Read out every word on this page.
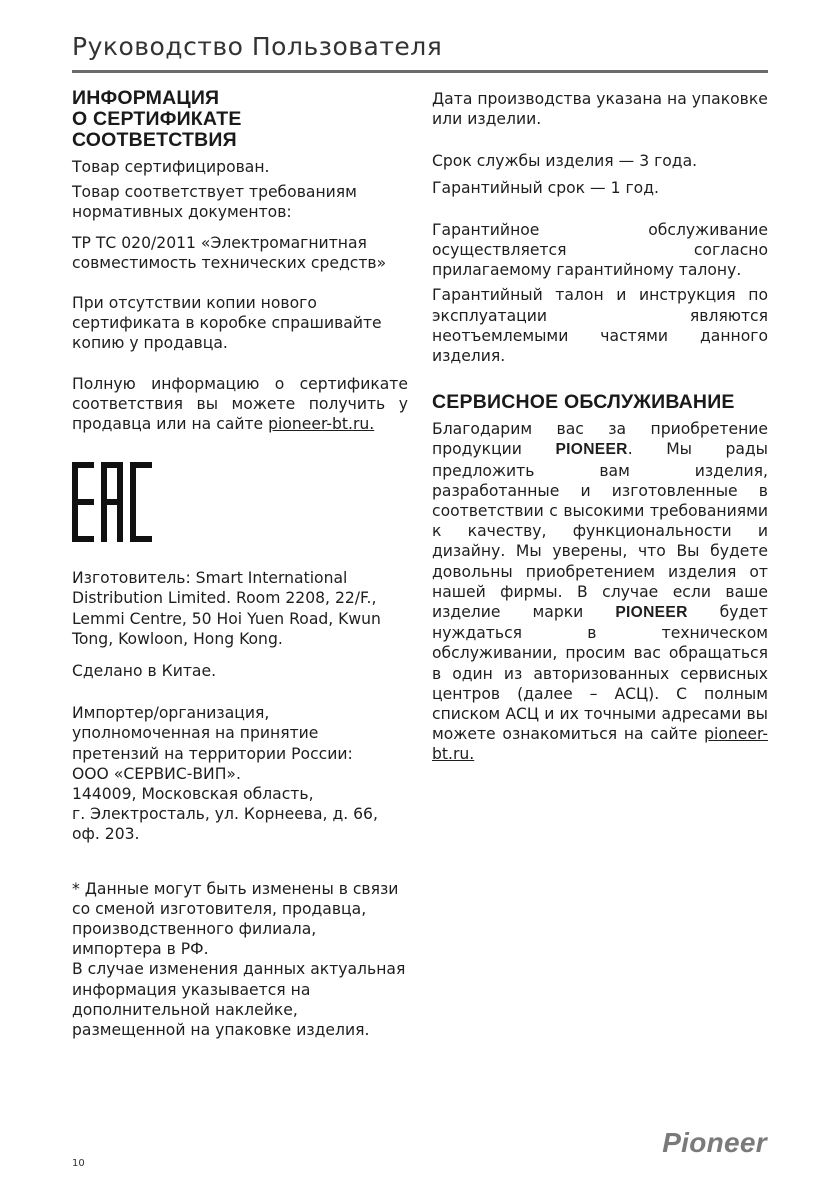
Руководство Пользователя
ИНФОРМАЦИЯ
О СЕРТИФИКАТЕ
СООТВЕТСТВИЯ

Товар сертифицирован.

Товар соответствует требованиям нормативных документов:

ТР ТС 020/2011 «Электромагнитная совместимость технических средств»

При отсутствии копии нового сертификата в коробке спрашивайте копию у продавца.

Полную информацию о сертификате соответствия вы можете получить у продавца или на сайте pioneer-bt.ru.

Изготовитель: Smart International Distribution Limited. Room 2208, 22/F., Lemmi Centre, 50 Hoi Yuen Road, Kwun Tong, Kowloon, Hong Kong.

Сделано в Китае.

Импортер/организация,
уполномоченная на принятие
претензий на территории России:
ООО «СЕРВИС-ВИП».
144009, Московская область,
г. Электросталь, ул. Корнеева, д. 66,
оф. 203.

* Данные могут быть изменены в связи со сменой изготовителя, продавца, производственного филиала, импортера в РФ.

В случае изменения данных актуальная информация указывается на дополнительной наклейке, размещенной на упаковке изделия.

Дата производства указана на упаковке или изделии.

Срок службы изделия — 3 года.

Гарантийный срок — 1 год.

Гарантийное обслуживание осуществляется согласно прилагаемому гарантийному талону.

Гарантийный талон и инструкция по эксплуатации являются неотъемлемыми частями данного изделия.

СЕРВИСНОЕ ОБСЛУЖИВАНИЕ

Благодарим вас за приобретение продукции PIONEER. Мы рады предложить вам изделия, разработанные и изготовленные в соответствии с высокими требованиями к качеству, функциональности и дизайну. Мы уверены, что Вы будете довольны приобретением изделия от нашей фирмы. В случае если ваше изделие марки PIONEER будет нуждаться в техническом обслуживании, просим вас обращаться в один из авторизованных сервисных центров (далее – АСЦ). С полным списком АСЦ и их точными адресами вы можете ознакомиться на сайте pioneer-bt.ru.

10
Pioneer
